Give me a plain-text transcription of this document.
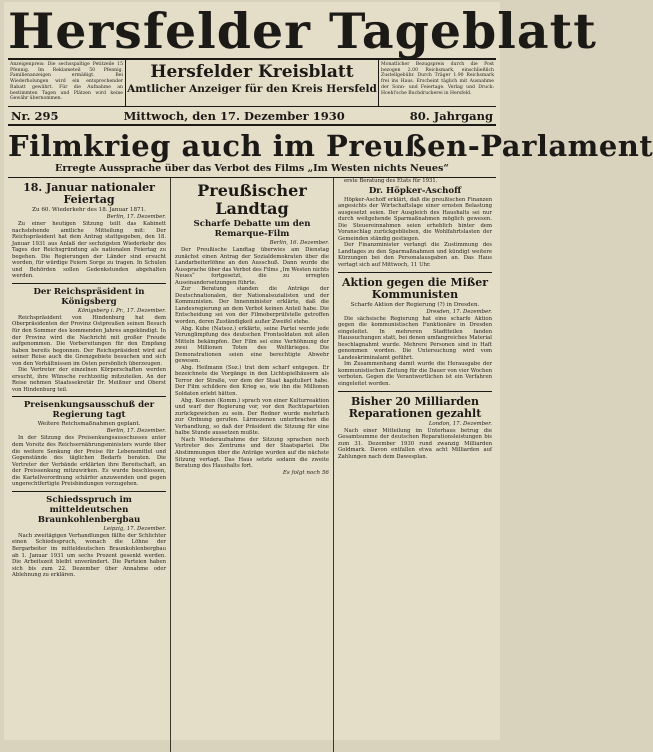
Hersfelder Tageblatt
Anzeigenpreis: Die sechsspaltige Petitzeile 15 Pfennig. Im Reklameteil 50 Pfennig. Familienanzeigen ermäßigt. Bei Wiederholungen wird ein entsprechender Rabatt gewährt. Für die Aufnahme an bestimmten Tagen und Plätzen wird keine Gewähr übernommen.
Hersfelder Kreisblatt
Amtlicher Anzeiger für den Kreis Hersfeld
Monatlicher Bezugspreis durch die Post bezogen 2.00 Reichsmark, einschließlich Zustellgebühr. Durch Träger 1.90 Reichsmark frei ins Haus. Erscheint täglich mit Ausnahme der Sonn- und Feiertage. Verlag und Druck: Hoehl'sche Buchdruckerei in Hersfeld.
Nr. 295	Mittwoch, den 17. Dezember 1930	80. Jahrgang
Filmkrieg auch im Preußen-Parlament
Erregte Aussprache über das Verbot des Films „Im Westen nichts Neues“
18. Januar nationaler Feiertag
Zu 60. Wiederkehr des 18. Januar 1871.
Berlin, 17. Dezember.

Zu einer heutigen Sitzung teilt das Kabinett nachstehende amtliche Mitteilung mit: Der Reichspräsident hat dem Antrag stattgegeben, den 18. Januar 1931 aus Anlaß der sechzigsten Wiederkehr des Tages der Reichsgründung als nationalen Feiertag zu begehen. Die Regierungen der Länder sind ersucht worden, für würdige Feiern Sorge zu tragen. In Schulen und Behörden sollen Gedenkstunden abgehalten werden.

Der Reichspräsident in Königsberg
Königsberg i. Pr., 17. Dezember.

Reichspräsident von Hindenburg hat dem Oberpräsidenten der Provinz Ostpreußen seinen Besuch für den Sommer des kommenden Jahres angekündigt. In der Provinz wird die Nachricht mit großer Freude aufgenommen. Die Vorbereitungen für den Empfang haben bereits begonnen. Der Reichspräsident wird auf seiner Reise auch die Grenzgebiete besuchen und sich von den Verhältnissen im Osten persönlich überzeugen.

Die Vertreter der einzelnen Körperschaften werden ersucht, ihre Wünsche rechtzeitig mitzuteilen. An der Reise nehmen Staatssekretär Dr. Meißner und Oberst von Hindenburg teil.

Preisenkungsausschuß der Regierung tagt
Weitere Reichsmaßnahmen geplant.
Berlin, 17. Dezember.

In der Sitzung des Preisenkungsausschusses unter dem Vorsitz des Reichsernährungsministers wurde über die weitere Senkung der Preise für Lebensmittel und Gegenstände des täglichen Bedarfs beraten. Die Vertreter der Verbände erklärten ihre Bereitschaft, an der Preissenkung mitzuwirken. Es wurde beschlossen, die Kartellverordnung schärfer anzuwenden und gegen ungerechtfertigte Preisbindungen vorzugehen.

Schiedsspruch im mitteldeutschen Braunkohlenbergbau
Leipzig, 17. Dezember.

Nach zweitägigen Verhandlungen fällte der Schlichter einen Schiedsspruch, wonach die Löhne der Bergarbeiter im mitteldeutschen Braunkohlenbergbau ab 1. Januar 1931 um sechs Prozent gesenkt werden. Die Arbeitszeit bleibt unverändert. Die Parteien haben sich bis zum 22. Dezember über Annahme oder Ablehnung zu erklären.

Preußischer Landtag
Scharfe Debatte um den Remarque-Film
Berlin, 16. Dezember.

Der Preußische Landtag überwies am Dienstag zunächst einen Antrag der Sozialdemokraten über die Landarbeiterlöhne an den Ausschuß. Dann wurde die Aussprache über das Verbot des Films „Im Westen nichts Neues“ fortgesetzt, die zu erregten Auseinandersetzungen führte.

Zur Beratung standen die Anträge der Deutschnationalen, der Nationalsozialisten und der Kommunisten. Der Innenminister erklärte, daß die Landesregierung an dem Verbot keinen Anteil habe. Die Entscheidung sei von der Filmoberprüfstelle getroffen worden, deren Zuständigkeit außer Zweifel stehe.

Abg. Kube (Natsoz.) erklärte, seine Partei werde jede Verunglimpfung des deutschen Frontsoldaten mit allen Mitteln bekämpfen. Der Film sei eine Verhöhnung der zwei Millionen Toten des Weltkrieges. Die Demonstrationen seien eine berechtigte Abwehr gewesen.

Abg. Heilmann (Soz.) trat dem scharf entgegen. Er bezeichnete die Vorgänge in den Lichtspielhäusern als Terror der Straße, vor dem der Staat kapituliert habe. Der Film schildere den Krieg so, wie ihn die Millionen Soldaten erlebt hätten.

Abg. Koenen (Komm.) sprach von einer Kulturreaktion und warf der Regierung vor, vor den Rechtsparteien zurückgewichen zu sein. Der Redner wurde mehrfach zur Ordnung gerufen. Lärmszenen unterbrachen die Verhandlung, so daß der Präsident die Sitzung für eine halbe Stunde aussetzen mußte.

Nach Wiederaufnahme der Sitzung sprachen noch Vertreter des Zentrums und der Staatspartei. Die Abstimmungen über die Anträge wurden auf die nächste Sitzung vertagt. Das Haus setzte sodann die zweite Beratung des Haushalts fort.

Es folgt noch 56

erste Beratung des Etats für 1931.

Dr. Höpker-Aschoff

Höpker-Aschoff erklärt, daß die preußischen Finanzen angesichts der Wirtschaftslage einer ernsten Belastung ausgesetzt seien. Der Ausgleich des Haushalts sei nur durch weitgehende Sparmaßnahmen möglich gewesen. Die Steuereinnahmen seien erheblich hinter dem Voranschlag zurückgeblieben, die Wohlfahrtslasten der Gemeinden ständig gestiegen.

Der Finanzminister verlangt die Zustimmung des Landtages zu den Sparmaßnahmen und kündigt weitere Kürzungen bei den Personalausgaben an. Das Haus vertagt sich auf Mittwoch, 11 Uhr.

Aktion gegen die Mißer Kommunisten
Scharfe Aktion der Regierung (?) in Dresden.
Dresden, 17. Dezember.

Die sächsische Regierung hat eine scharfe Aktion gegen die kommunistischen Funktionäre in Dresden eingeleitet. In mehreren Stadtteilen fanden Haussuchungen statt, bei denen umfangreiches Material beschlagnahmt wurde. Mehrere Personen sind in Haft genommen worden. Die Untersuchung wird vom Landeskriminalamt geführt.

Im Zusammenhang damit wurde die Herausgabe der kommunistischen Zeitung für die Dauer von vier Wochen verboten. Gegen die Verantwortlichen ist ein Verfahren eingeleitet worden.

Bisher 20 Milliarden Reparationen gezahlt
London, 17. Dezember.

Nach einer Mitteilung im Unterhaus betrug die Gesamtsumme der deutschen Reparationsleistungen bis zum 31. Dezember 1930 rund zwanzig Milliarden Goldmark. Davon entfallen etwa acht Milliarden auf Zahlungen nach dem Dawesplan.
